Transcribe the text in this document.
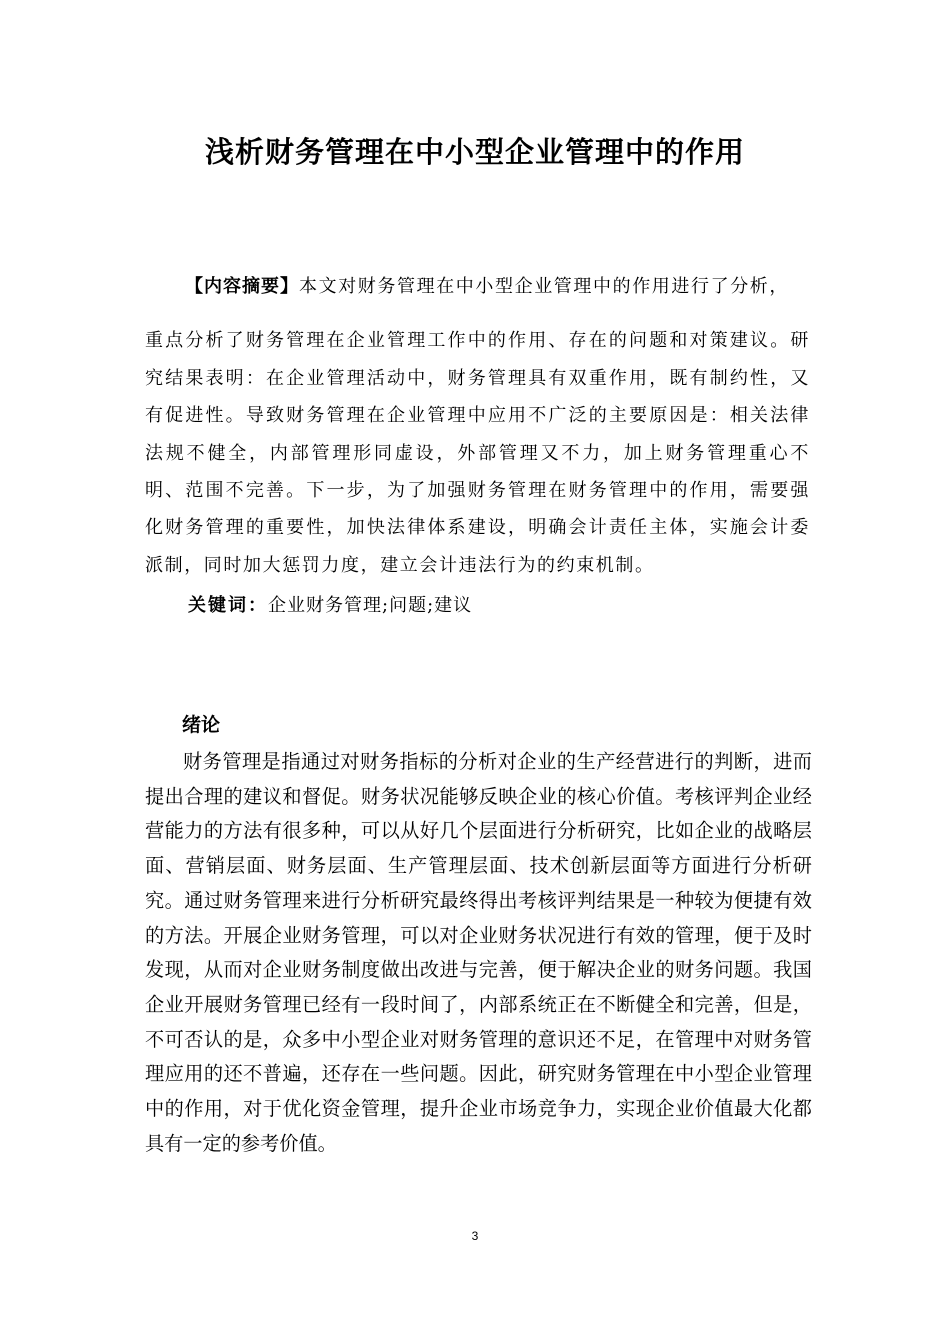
浅析财务管理在中小型企业管理中的作用
【内容摘要】本文对财务管理在中小型企业管理中的作用进行了分析，
重点分析了财务管理在企业管理工作中的作用、存在的问题和对策建议。研究结果表明：在企业管理活动中，财务管理具有双重作用，既有制约性，又有促进性。导致财务管理在企业管理中应用不广泛的主要原因是：相关法律法规不健全，内部管理形同虚设，外部管理又不力，加上财务管理重心不明、范围不完善。下一步，为了加强财务管理在财务管理中的作用，需要强化财务管理的重要性，加快法律体系建设，明确会计责任主体，实施会计委派制，同时加大惩罚力度，建立会计违法行为的约束机制。

关键词：企业财务管理;问题;建议

绪论

财务管理是指通过对财务指标的分析对企业的生产经营进行的判断，进而提出合理的建议和督促。财务状况能够反映企业的核心价值。考核评判企业经营能力的方法有很多种，可以从好几个层面进行分析研究，比如企业的战略层面、营销层面、财务层面、生产管理层面、技术创新层面等方面进行分析研究。通过财务管理来进行分析研究最终得出考核评判结果是一种较为便捷有效的方法。开展企业财务管理，可以对企业财务状况进行有效的管理，便于及时发现，从而对企业财务制度做出改进与完善，便于解决企业的财务问题。我国企业开展财务管理已经有一段时间了，内部系统正在不断健全和完善，但是，不可否认的是，众多中小型企业对财务管理的意识还不足，在管理中对财务管理应用的还不普遍，还存在一些问题。因此，研究财务管理在中小型企业管理中的作用，对于优化资金管理，提升企业市场竞争力，实现企业价值最大化都具有一定的参考价值。

3
